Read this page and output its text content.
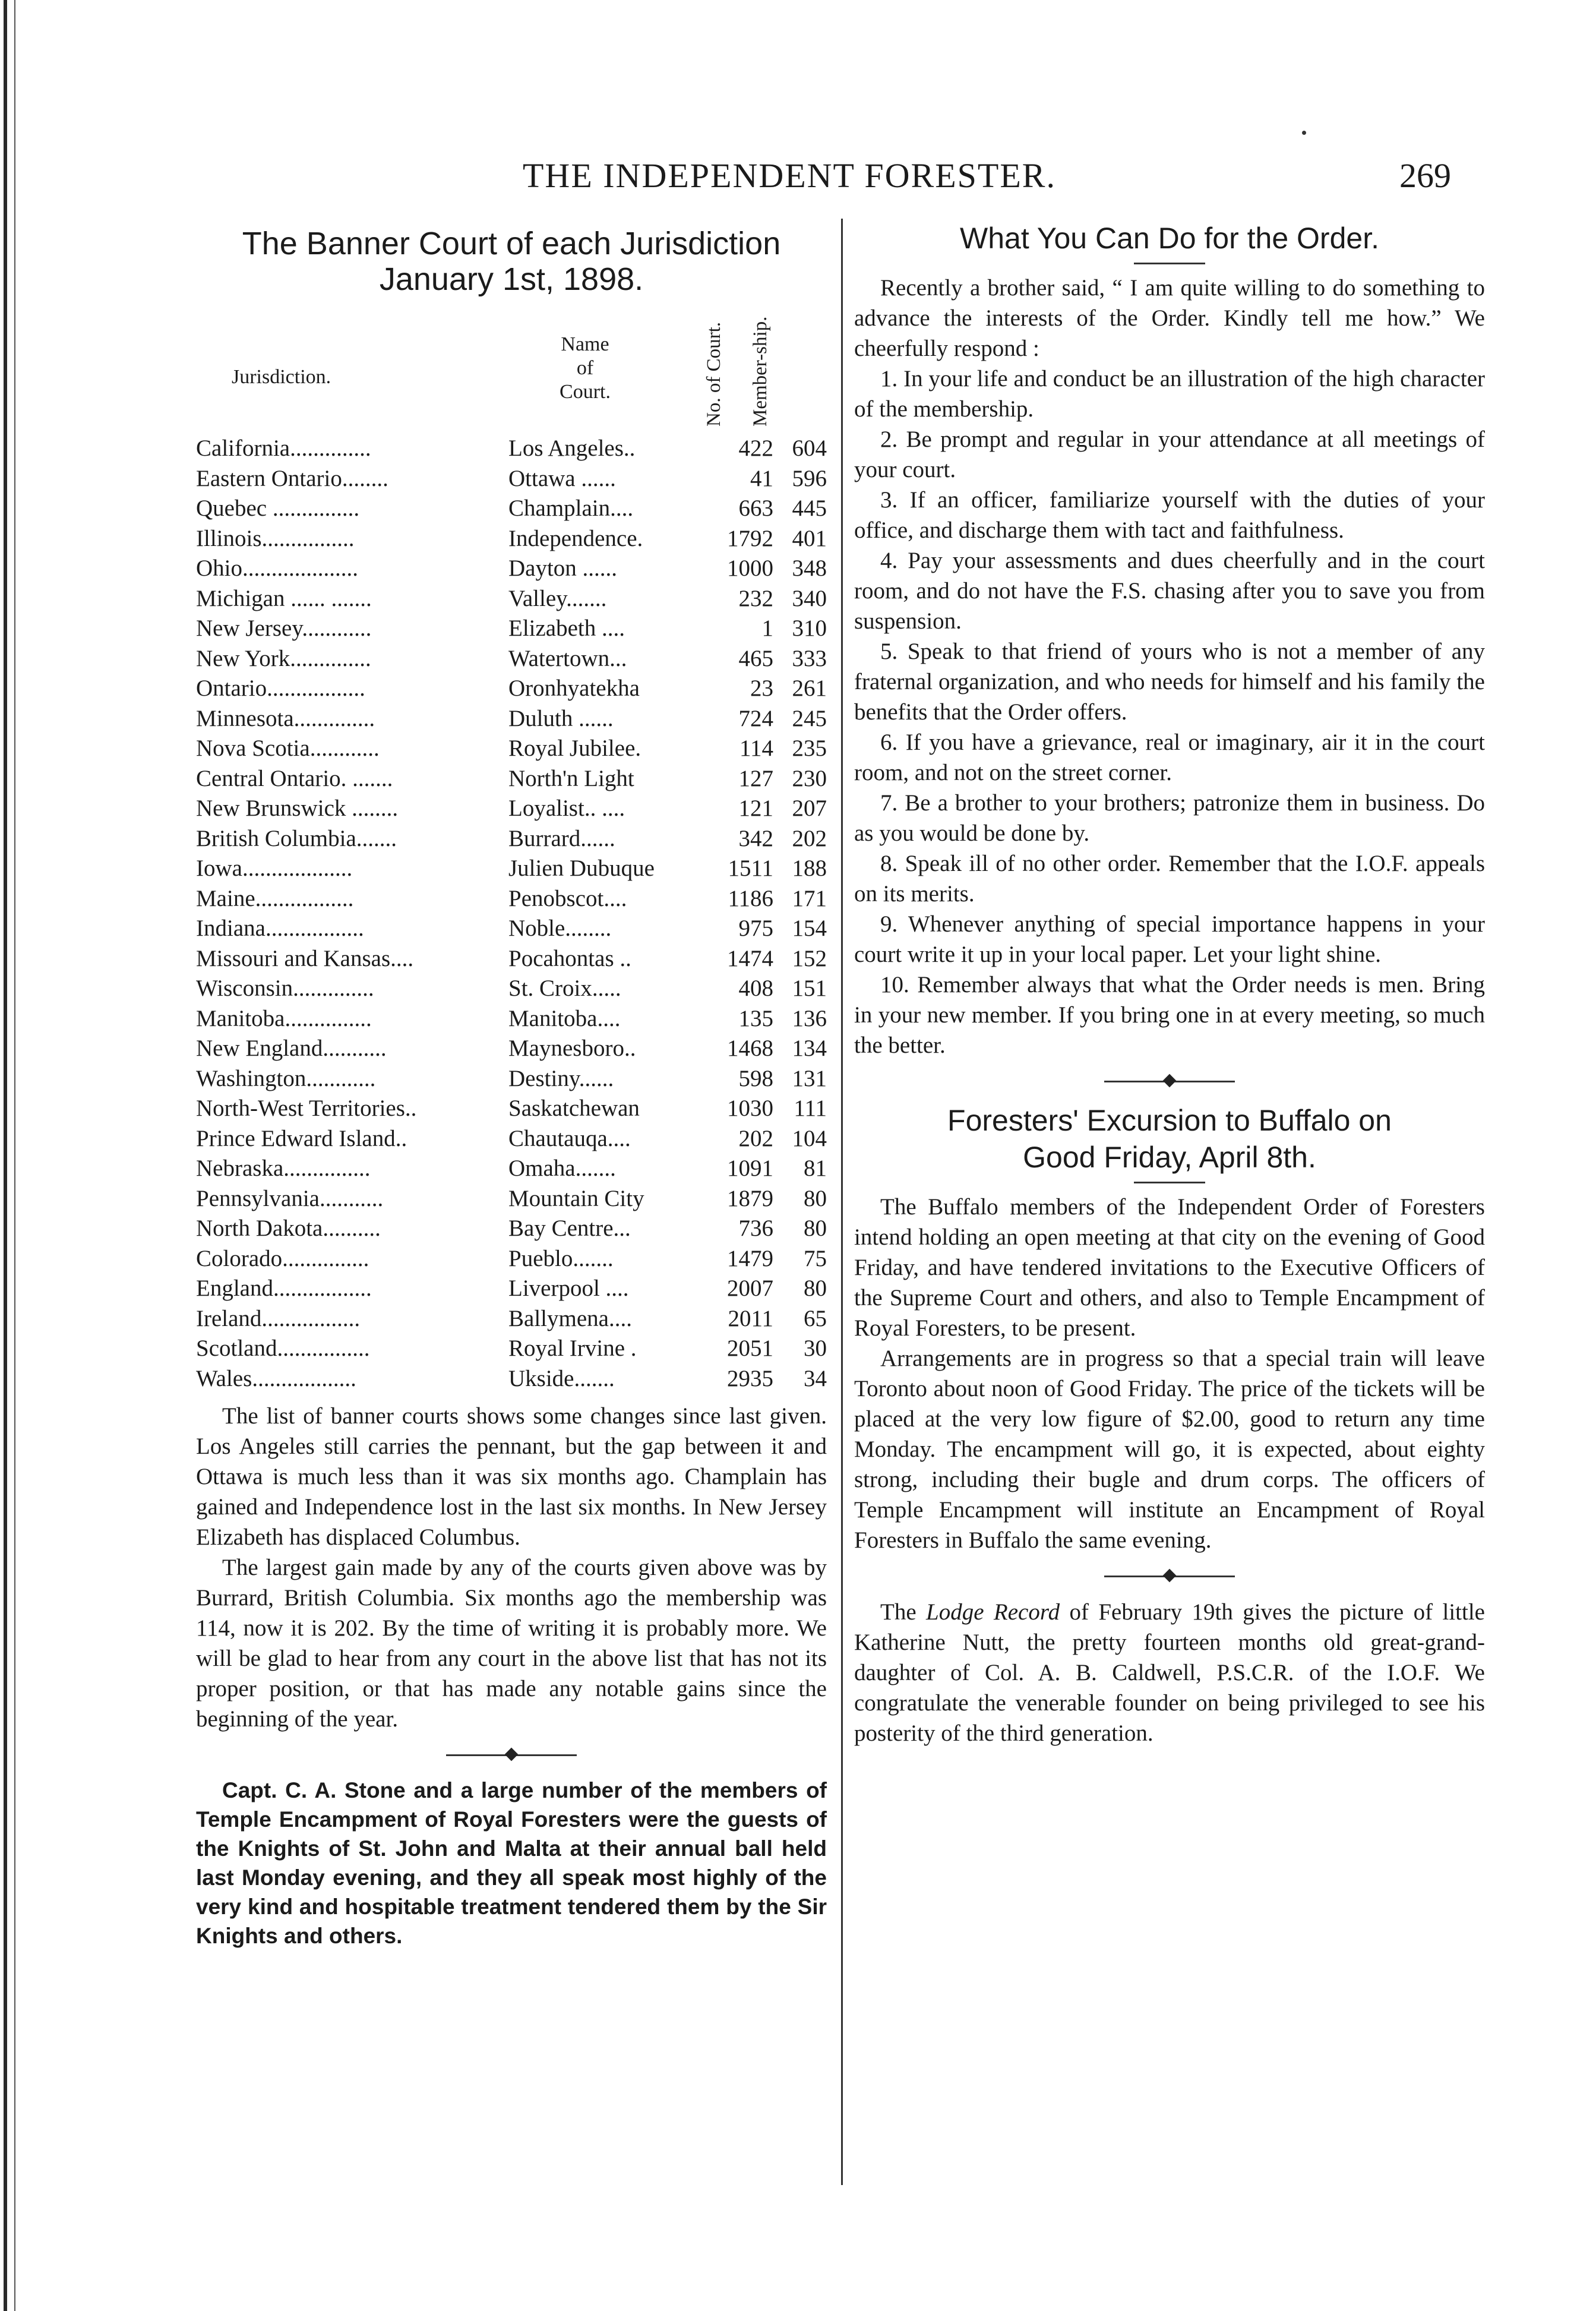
THE INDEPENDENT FORESTER.	269
The Banner Court of each Jurisdiction
January 1st, 1898.
Jurisdiction.
Name
of
Court.	No. of Court. Member-ship.
California..............	Los Angeles..	422 604
Eastern Ontario........	Ottawa ......	41 596
Quebec ...............	Champlain....	663 445
Illinois................	Independence.	1792 401
Ohio....................	Dayton ......	1000 348
Michigan ...... .......	Valley.......	232 340
New Jersey............	Elizabeth ....	1 310
New York..............	Watertown...	465 333
Ontario.................	Oronhyatekha	23 261
Minnesota..............	Duluth ......	724 245
Nova Scotia............	Royal Jubilee.	114 235
Central Ontario. .......	North'n Light	127 230
New Brunswick ........	Loyalist.. ....	121 207
British Columbia.......	Burrard......	342 202
Iowa...................	Julien Dubuque	1511 188
Maine.................	Penobscot....	1186 171
Indiana.................	Noble........	975 154
Missouri and Kansas....	Pocahontas ..	1474 152
Wisconsin..............	St. Croix.....	408 151
Manitoba...............	Manitoba....	135 136
New England...........	Maynesboro..	1468 134
Washington............	Destiny......	598 131
North-West Territories..	Saskatchewan	1030 111
Prince Edward Island..	Chautauqa....	202 104
Nebraska...............	Omaha.......	1091	81
Pennsylvania...........	Mountain City	1879	80
North Dakota..........	Bay Centre...	736	80
Colorado...............	Pueblo.......	1479	75
England.................	Liverpool ....	2007	80
Ireland.................	Ballymena....	2011	65
Scotland................	Royal Irvine .	2051	30
Wales..................	Ukside.......	2935	34

The list of banner courts shows some changes since last given. Los Angeles still carries the pennant, but the gap between it and Ottawa is much less than it was six months ago. Champlain has gained and Independence lost in the last six months. In New Jersey Elizabeth has displaced Columbus.

The largest gain made by any of the courts given above was by Burrard, British Columbia. Six months ago the membership was 114, now it is 202. By the time of writing it is probably more. We will be glad to hear from any court in the above list that has not its proper position, or that has made any notable gains since the beginning of the year.

Capt. C. A. Stone and a large number of the members of Temple Encampment of Royal Foresters were the guests of the Knights of St. John and Malta at their annual ball held last Monday evening, and they all speak most highly of the very kind and hospitable treatment tendered them by the Sir Knights and others.

What You Can Do for the Order.

Recently a brother said, “ I am quite willing to do something to advance the interests of the Order. Kindly tell me how.” We cheerfully respond :

1. In your life and conduct be an illustration of the high character of the membership.

2. Be prompt and regular in your attendance at all meetings of your court.

3. If an officer, familiarize yourself with the duties of your office, and discharge them with tact and faithfulness.

4. Pay your assessments and dues cheerfully and in the court room, and do not have the F.S. chasing after you to save you from suspension.

5. Speak to that friend of yours who is not a member of any fraternal organization, and who needs for himself and his family the benefits that the Order offers.

6. If you have a grievance, real or imaginary, air it in the court room, and not on the street corner.

7. Be a brother to your brothers; patronize them in business. Do as you would be done by.

8. Speak ill of no other order. Remember that the I.O.F. appeals on its merits.

9. Whenever anything of special importance happens in your court write it up in your local paper. Let your light shine.

10. Remember always that what the Order needs is men. Bring in your new member. If you bring one in at every meeting, so much the better.

Foresters' Excursion to Buffalo on
Good Friday, April 8th.

The Buffalo members of the Independent Order of Foresters intend holding an open meeting at that city on the evening of Good Friday, and have tendered invitations to the Executive Officers of the Supreme Court and others, and also to Temple Encampment of Royal Foresters, to be present.

Arrangements are in progress so that a special train will leave Toronto about noon of Good Friday. The price of the tickets will be placed at the very low figure of $2.00, good to return any time Monday. The encampment will go, it is expected, about eighty strong, including their bugle and drum corps. The officers of Temple Encampment will institute an Encampment of Royal Foresters in Buffalo the same evening.

The Lodge Record of February 19th gives the picture of little Katherine Nutt, the pretty fourteen months old great-grand-daughter of Col. A. B. Caldwell, P.S.C.R. of the I.O.F. We congratulate the venerable founder on being privileged to see his posterity of the third generation.
